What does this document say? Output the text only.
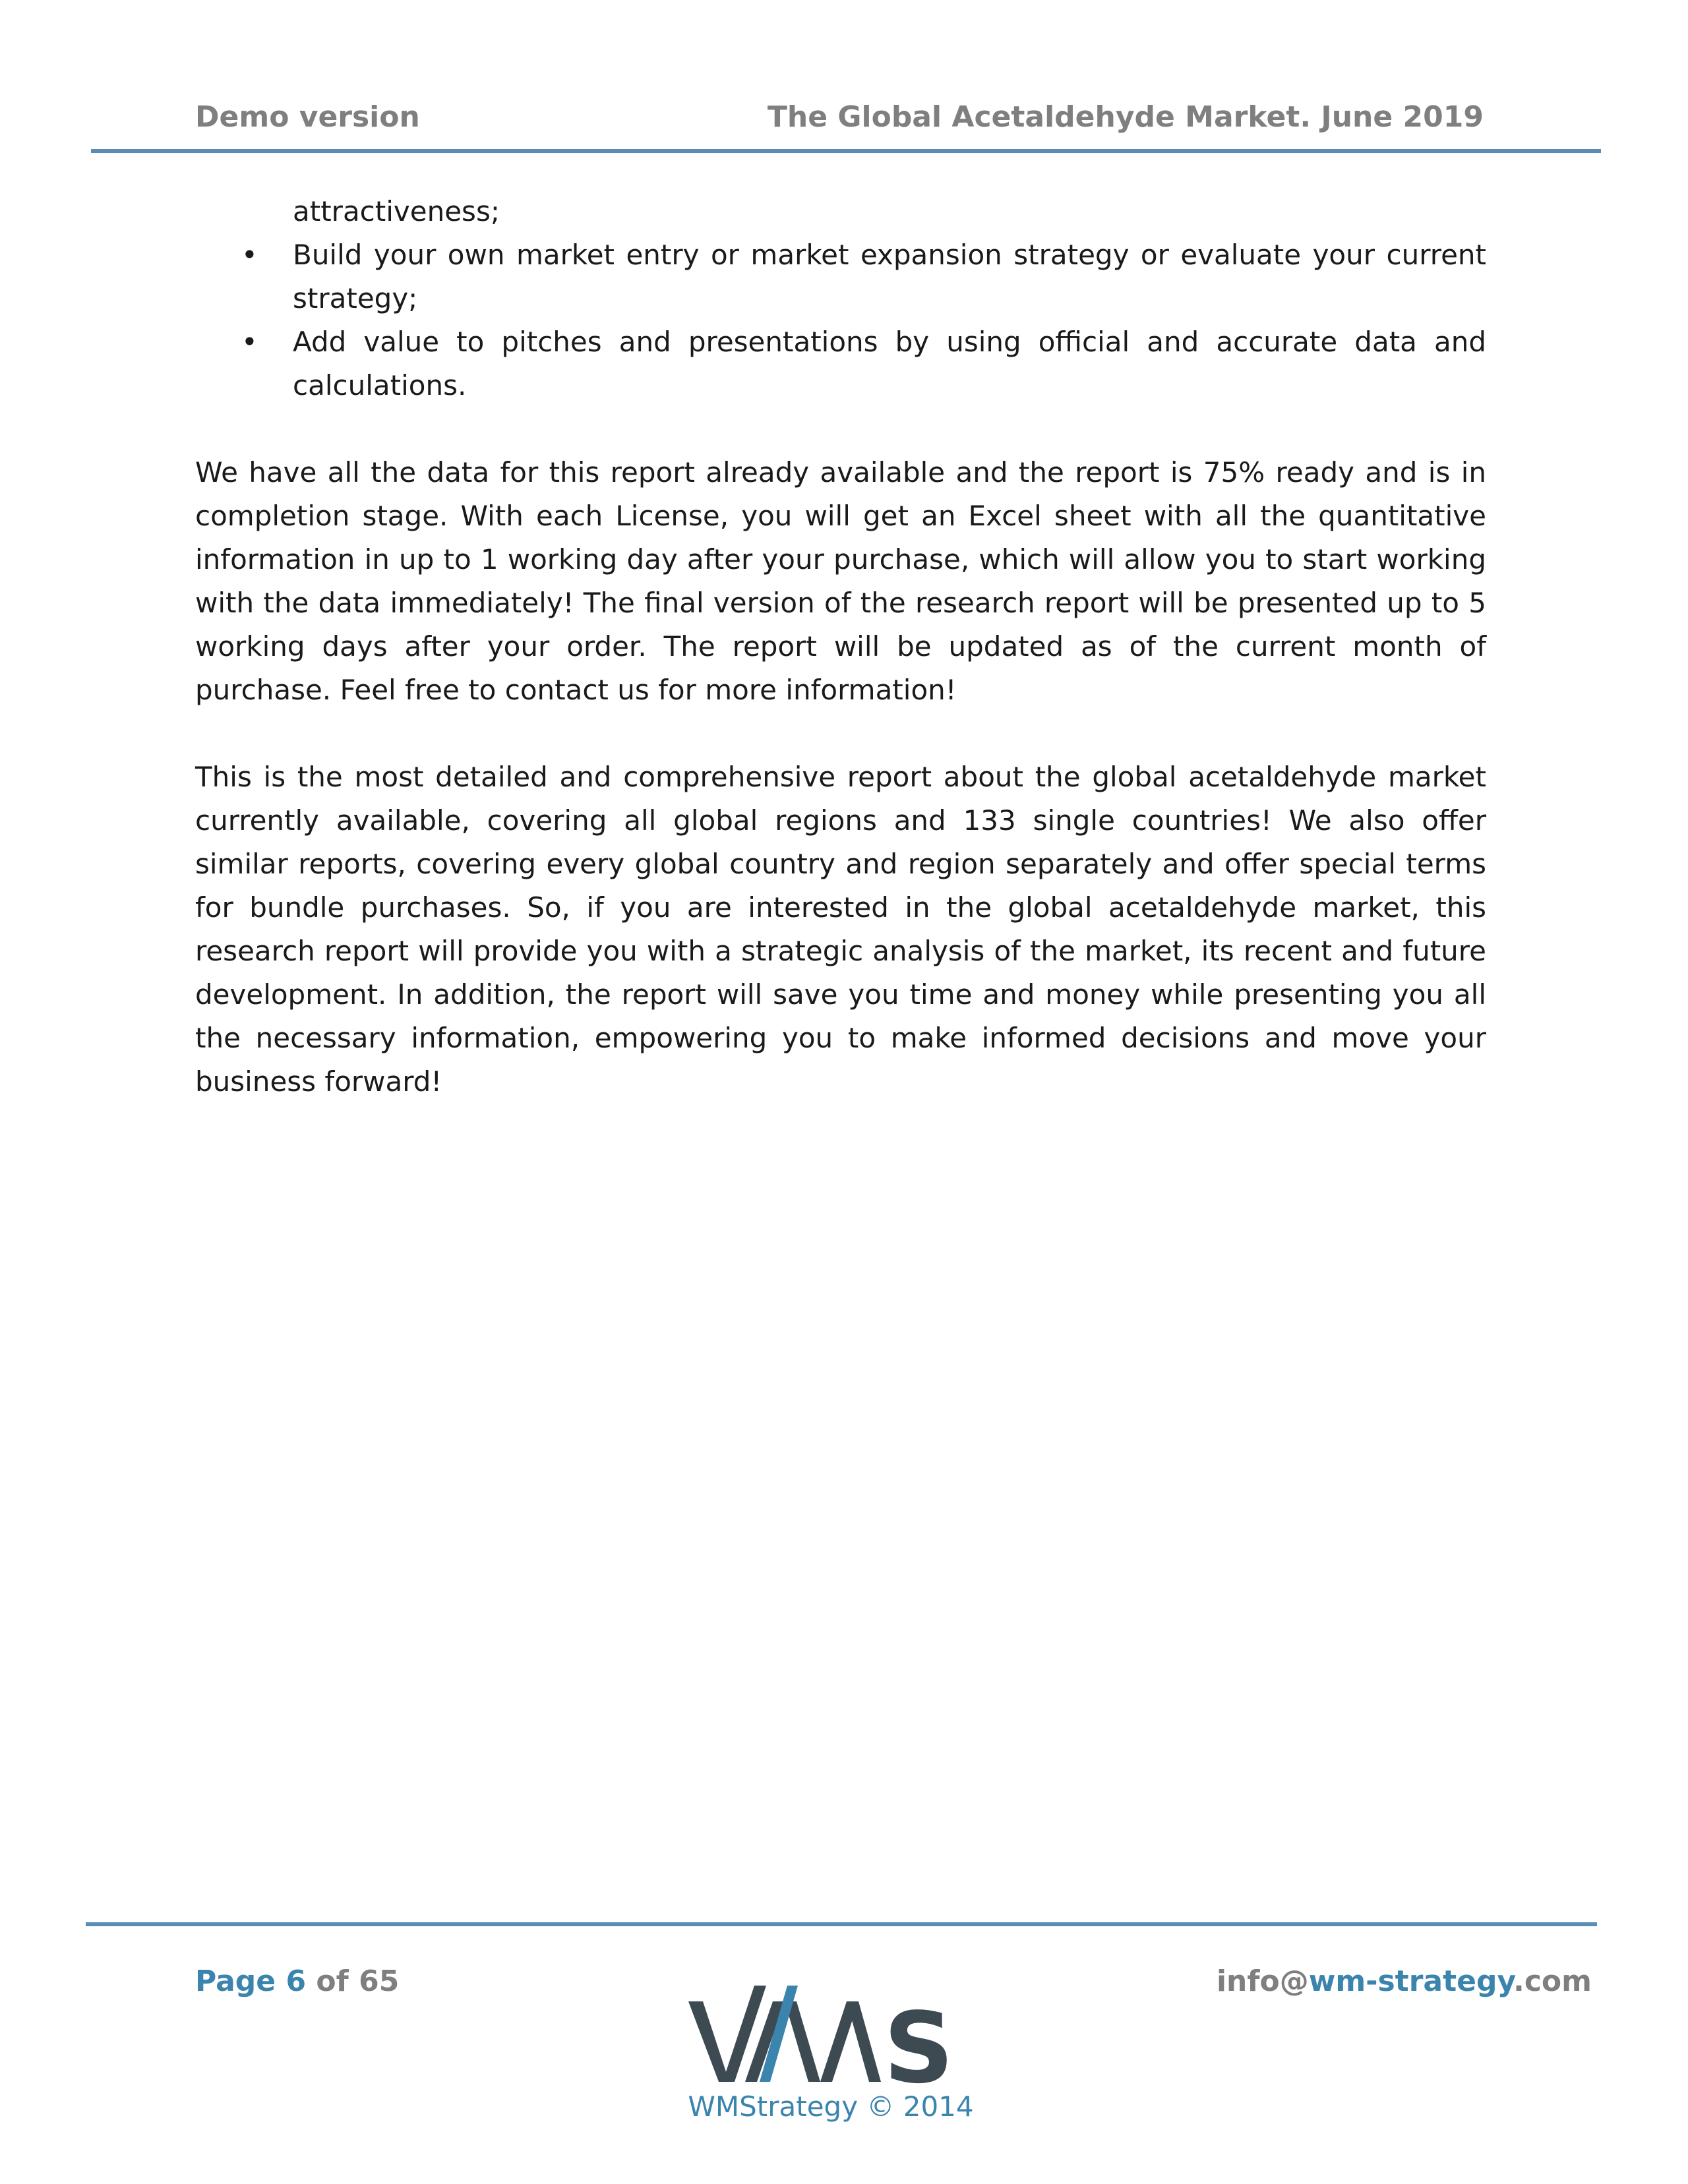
Demo version	The Global Acetaldehyde Market. June 2019
attractiveness;
• Build your own market entry or market expansion strategy or evaluate your current strategy;
• Add value to pitches and presentations by using official and accurate data and calculations.

We have all the data for this report already available and the report is 75% ready and is in completion stage. With each License, you will get an Excel sheet with all the quantitative information in up to 1 working day after your purchase, which will allow you to start working with the data immediately! The final version of the research report will be presented up to 5 working days after your order. The report will be updated as of the current month of purchase. Feel free to contact us for more information!

This is the most detailed and comprehensive report about the global acetaldehyde market currently available, covering all global regions and 133 single countries! We also offer similar reports, covering every global country and region separately and offer special terms for bundle purchases. So, if you are interested in the global acetaldehyde market, this research report will provide you with a strategic analysis of the market, its recent and future development. In addition, the report will save you time and money while presenting you all the necessary information, empowering you to make informed decisions and move your business forward!

Page 6 of 65
S
WMStrategy © 2014
info@wm-strategy.com
